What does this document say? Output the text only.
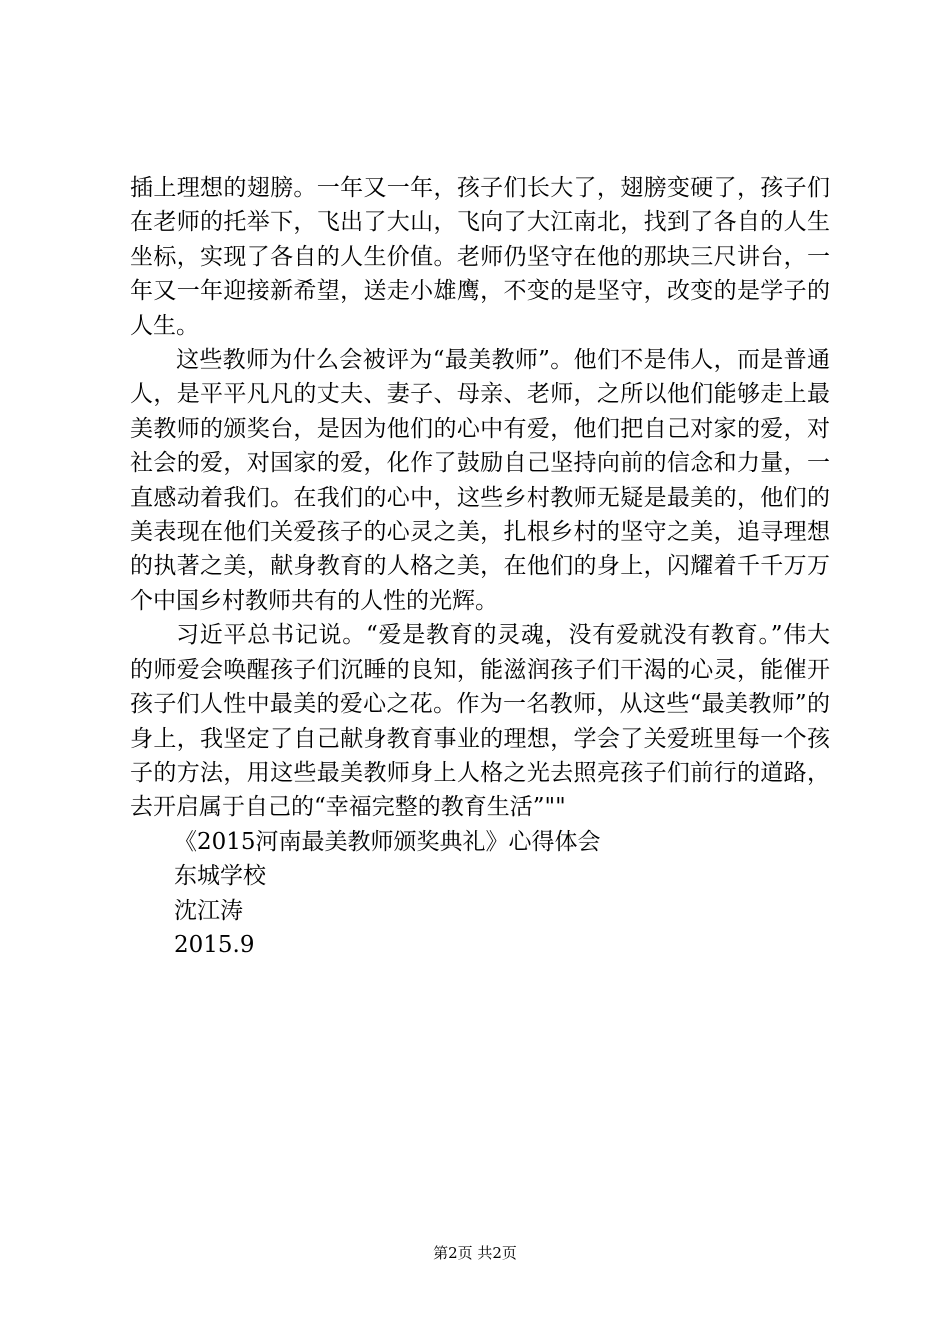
插上理想的翅膀。一年又一年，孩子们长大了，翅膀变硬了，孩子们在老师的托举下，飞出了大山，飞向了大江南北，找到了各自的人生坐标，实现了各自的人生价值。老师仍坚守在他的那块三尺讲台，一年又一年迎接新希望，送走小雄鹰，不变的是坚守，改变的是学子的人生。

这些教师为什么会被评为“最美教师”。他们不是伟人，而是普通人，是平平凡凡的丈夫、妻子、母亲、老师，之所以他们能够走上最美教师的颁奖台，是因为他们的心中有爱，他们把自己对家的爱，对社会的爱，对国家的爱，化作了鼓励自己坚持向前的信念和力量，一直感动着我们。在我们的心中，这些乡村教师无疑是最美的，他们的美表现在他们关爱孩子的心灵之美，扎根乡村的坚守之美，追寻理想的执著之美，献身教育的人格之美，在他们的身上，闪耀着千千万万个中国乡村教师共有的人性的光辉。

习近平总书记说。“爱是教育的灵魂，没有爱就没有教育。”伟大的师爱会唤醒孩子们沉睡的良知，能滋润孩子们干渴的心灵，能催开孩子们人性中最美的爱心之花。作为一名教师，从这些“最美教师”的身上，我坚定了自己献身教育事业的理想，学会了关爱班里每一个孩子的方法，用这些最美教师身上人格之光去照亮孩子们前行的道路，去开启属于自己的“幸福完整的教育生活”""

《2015河南最美教师颁奖典礼》心得体会

东城学校

沈江涛

2015.9

第2页 共2页
